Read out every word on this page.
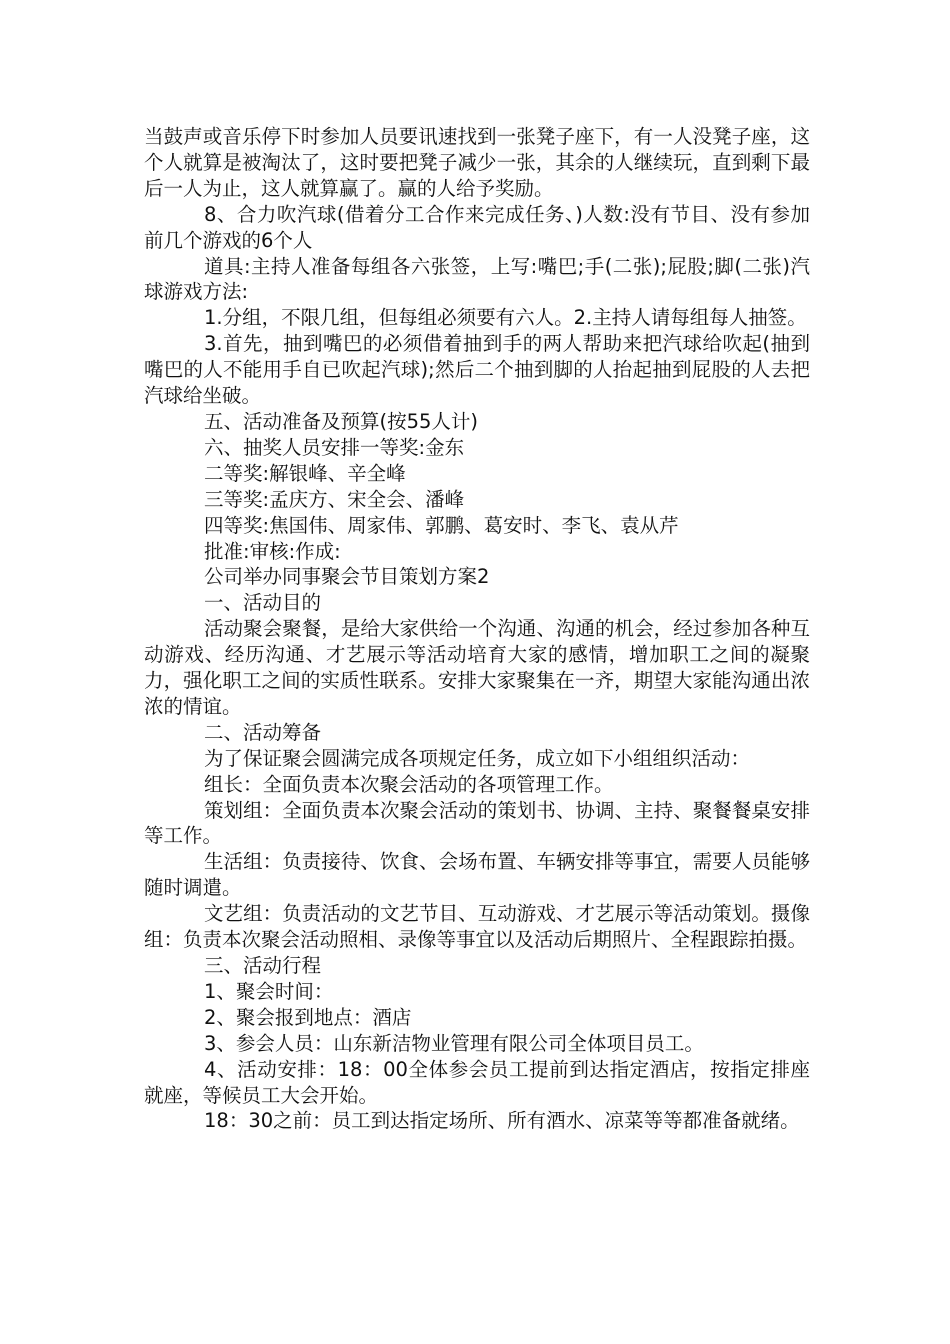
当鼓声或音乐停下时参加人员要讯速找到一张凳子座下，有一人没凳子座，这个人就算是被淘汰了，这时要把凳子减少一张，其余的人继续玩，直到剩下最后一人为止，这人就算赢了。赢的人给予奖励。

8、合力吹汽球(借着分工合作来完成任务、)人数:没有节目、没有参加前几个游戏的6个人

道具:主持人准备每组各六张签，上写:嘴巴;手(二张);屁股;脚(二张)汽球游戏方法:

1.分组，不限几组，但每组必须要有六人。2.主持人请每组每人抽签。

3.首先，抽到嘴巴的必须借着抽到手的两人帮助来把汽球给吹起(抽到嘴巴的人不能用手自已吹起汽球);然后二个抽到脚的人抬起抽到屁股的人去把汽球给坐破。

五、活动准备及预算(按55人计)

六、抽奖人员安排一等奖:金东

二等奖:解银峰、辛全峰

三等奖:孟庆方、宋全会、潘峰

四等奖:焦国伟、周家伟、郭鹏、葛安时、李飞、袁从芹

批准:审核:作成:

公司举办同事聚会节目策划方案2

一、活动目的

活动聚会聚餐，是给大家供给一个沟通、沟通的机会，经过参加各种互动游戏、经历沟通、才艺展示等活动培育大家的感情，增加职工之间的凝聚力，强化职工之间的实质性联系。安排大家聚集在一齐，期望大家能沟通出浓浓的情谊。

二、活动筹备

为了保证聚会圆满完成各项规定任务，成立如下小组组织活动：

组长：全面负责本次聚会活动的各项管理工作。

策划组：全面负责本次聚会活动的策划书、协调、主持、聚餐餐桌安排等工作。

生活组：负责接待、饮食、会场布置、车辆安排等事宜，需要人员能够随时调遣。

文艺组：负责活动的文艺节目、互动游戏、才艺展示等活动策划。摄像组：负责本次聚会活动照相、录像等事宜以及活动后期照片、全程跟踪拍摄。

三、活动行程

1、聚会时间：

2、聚会报到地点：酒店

3、参会人员：山东新洁物业管理有限公司全体项目员工。

4、活动安排：18：00全体参会员工提前到达指定酒店，按指定排座就座，等候员工大会开始。

18：30之前：员工到达指定场所、所有酒水、凉菜等等都准备就绪。
